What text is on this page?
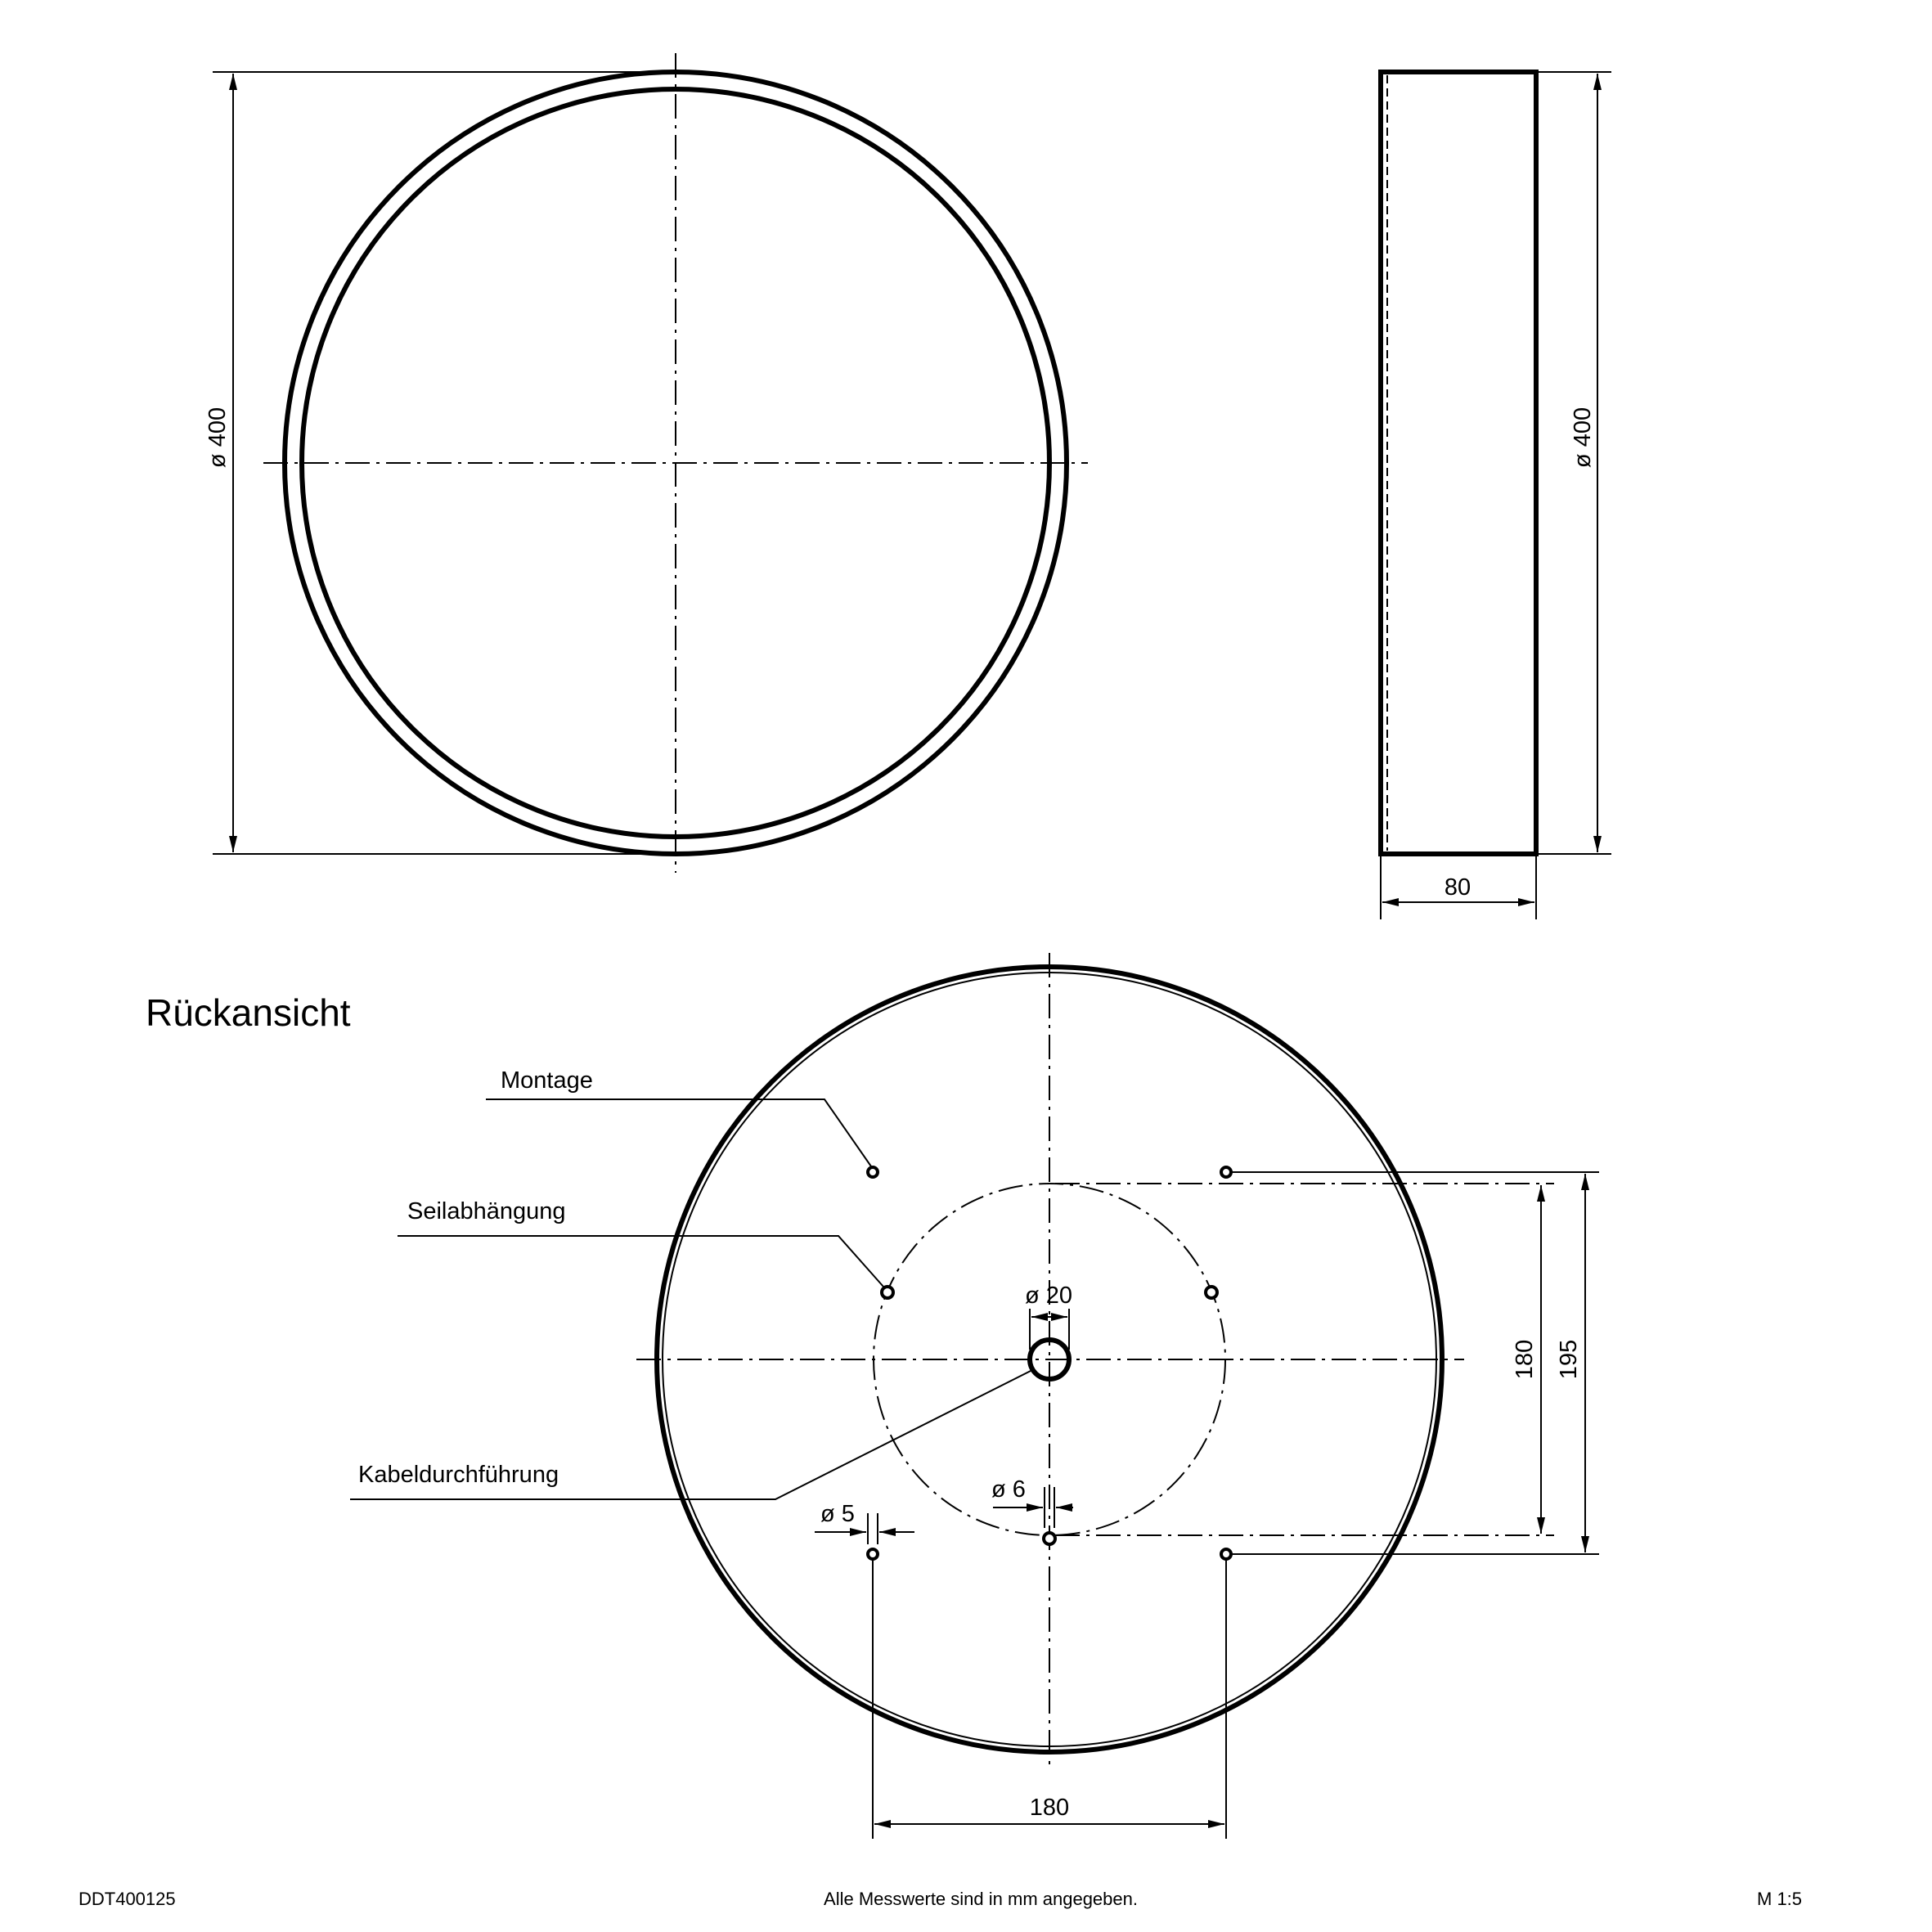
ø 400	ø 400
80
Rückansicht
Montage
Seilabhängung
Kabeldurchführung
ø 20
ø 6
ø 5
180 195
180
DDT400125	Alle Messwerte sind in mm angegeben.	M 1:5
